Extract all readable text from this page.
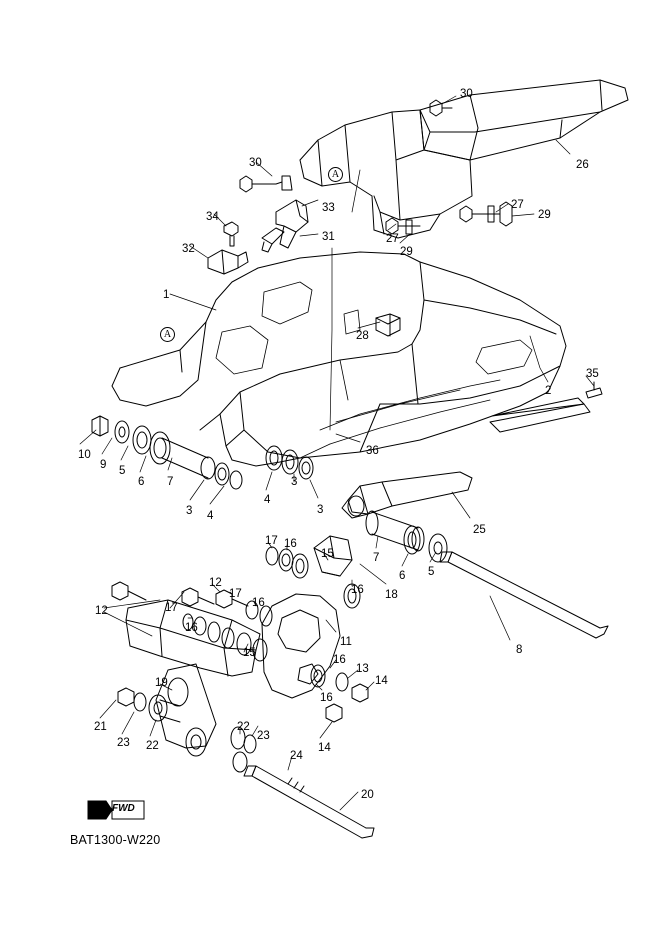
FWD
BAT1300-W220
30
26
30
33	27
29
34
31	27
29
32
1
28
35
2
10
9 5
6 7
3 4
4
3
3
36
25
7
6 5
17 16
15
16 18
12
17
16
12	17
16
15
11
8
16
13
14
19
16
21
23 22
22
23
14
24
20
A
A
